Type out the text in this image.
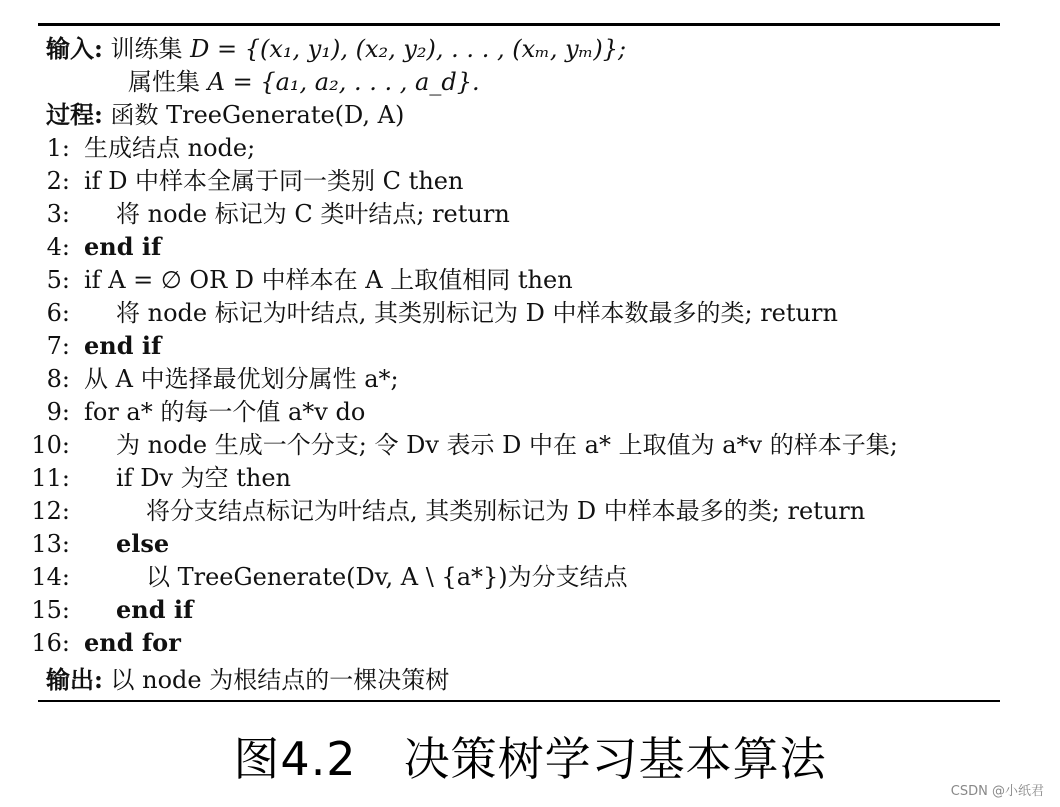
输入: 训练集 D = {(x₁, y₁), (x₂, y₂), . . . , (xₘ, yₘ)};
属性集 A = {a₁, a₂, . . . , a_d}.
过程: 函数 TreeGenerate(D, A)
1: 生成结点 node;
2: if D 中样本全属于同一类别 C then
3: 将 node 标记为 C 类叶结点; return
4: end if
5: if A = ∅ OR D 中样本在 A 上取值相同 then
6: 将 node 标记为叶结点, 其类别标记为 D 中样本数最多的类; return
7: end if
8: 从 A 中选择最优划分属性 a*;
9: for a* 的每一个值 a*v do
10: 为 node 生成一个分支; 令 Dv 表示 D 中在 a* 上取值为 a*v 的样本子集;
11: if Dv 为空 then
12:	将分支结点标记为叶结点, 其类别标记为 D 中样本最多的类; return
13: else
14:	以 TreeGenerate(Dv, A \ {a*})为分支结点
15: end if
16: end for
输出: 以 node 为根结点的一棵决策树
图4.2　决策树学习基本算法
CSDN @小纸君
